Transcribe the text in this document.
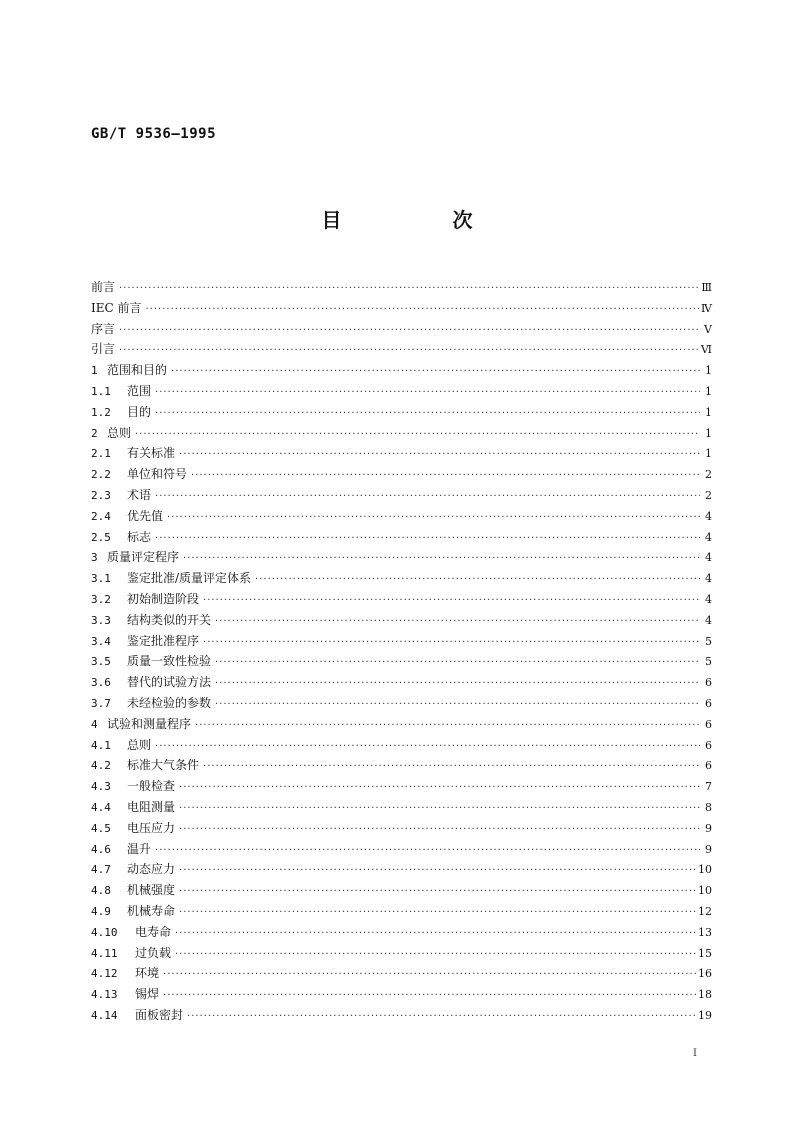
GB/T 9536—1995
目 次
前言 ·····	Ⅲ
IEC 前言 ·····	Ⅳ
序言 ·····	Ⅴ
引言 ·····	Ⅵ
1 范围和目的 ·····	1
1.1	范围 ·····	1
1.2	目的 ·····	1
2 总则 ·····	1
2.1	有关标准 ·····	1
2.2	单位和符号 ·····	2
2.3	术语 ·····	2
2.4	优先值 ·····	4
2.5	标志 ·····	4
3 质量评定程序 ·····	4
3.1	鉴定批准/质量评定体系 ·····	4
3.2	初始制造阶段 ·····	4
3.3	结构类似的开关 ·····	4
3.4	鉴定批准程序 ·····	5
3.5	质量一致性检验 ·····	5
3.6	替代的试验方法 ·····	6
3.7	未经检验的参数 ·····	6
4 试验和测量程序 ·····	6
4.1	总则 ·····	6
4.2	标准大气条件 ·····	6
4.3	一般检查 ·····	7
4.4	电阻测量 ·····	8
4.5	电压应力 ·····	9
4.6	温升 ·····	9
4.7	动态应力 ·····	10
4.8	机械强度 ·····	10
4.9	机械寿命 ·····	12
4.10	电寿命 ·····	13
4.11	过负载 ·····	15
4.12	环境 ·····	16
4.13	锡焊 ·····	18
4.14	面板密封 ·····	19
Ⅰ
